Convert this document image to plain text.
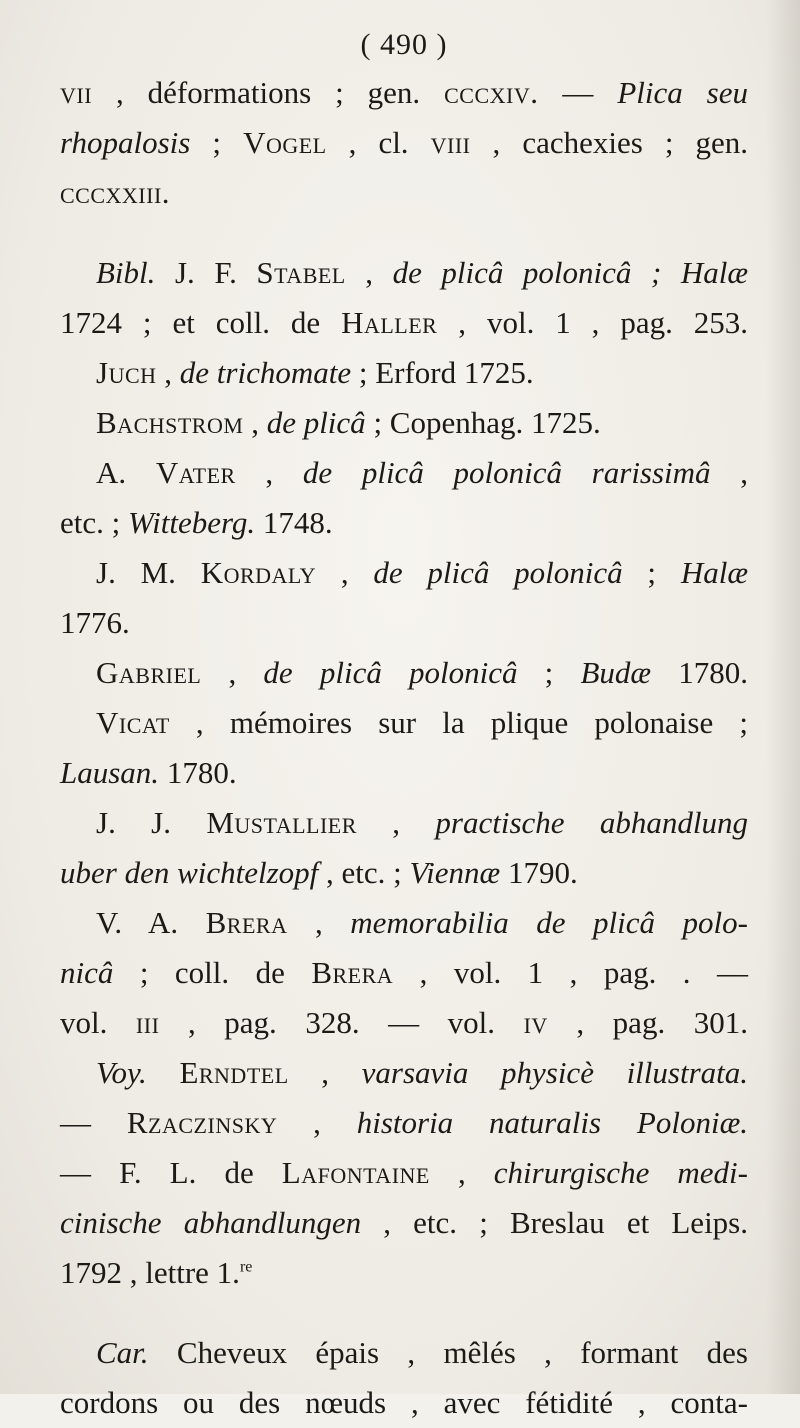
( 490 )
vii , déformations ; gen. cccxiv. — Plica seu
rhopalosis ; Vogel , cl. viii , cachexies ; gen.
cccxxiii.
Bibl. J. F. Stabel , de plicâ polonicâ ; Halæ
1724 ; et coll. de Haller , vol. 1 , pag. 253.
Juch , de trichomate ; Erford 1725.
Bachstrom , de plicâ ; Copenhag. 1725.
A. Vater , de plicâ polonicâ rarissimâ ,
etc. ; Witteberg. 1748.
J. M. Kordaly , de plicâ polonicâ ; Halæ
1776.
Gabriel , de plicâ polonicâ ; Budæ 1780.
Vicat , mémoires sur la plique polonaise ;
Lausan. 1780.
J. J. Mustallier , practische abhandlung
uber den wichtelzopf , etc. ; Viennæ 1790.
V. A. Brera , memorabilia de plicâ polo-
nicâ ; coll. de Brera , vol. 1 , pag. . —
vol. iii , pag. 328. — vol. iv , pag. 301.
Voy. Erndtel , varsavia physicè illustrata.
— Rzaczinsky , historia naturalis Poloniæ.
— F. L. de Lafontaine , chirurgische medi-
cinische abhandlungen , etc. ; Breslau et Leips.
1792 , lettre 1.$^{re}$
Car. Cheveux épais , mêlés , formant des
cordons ou des nœuds , avec fétidité , conta-
